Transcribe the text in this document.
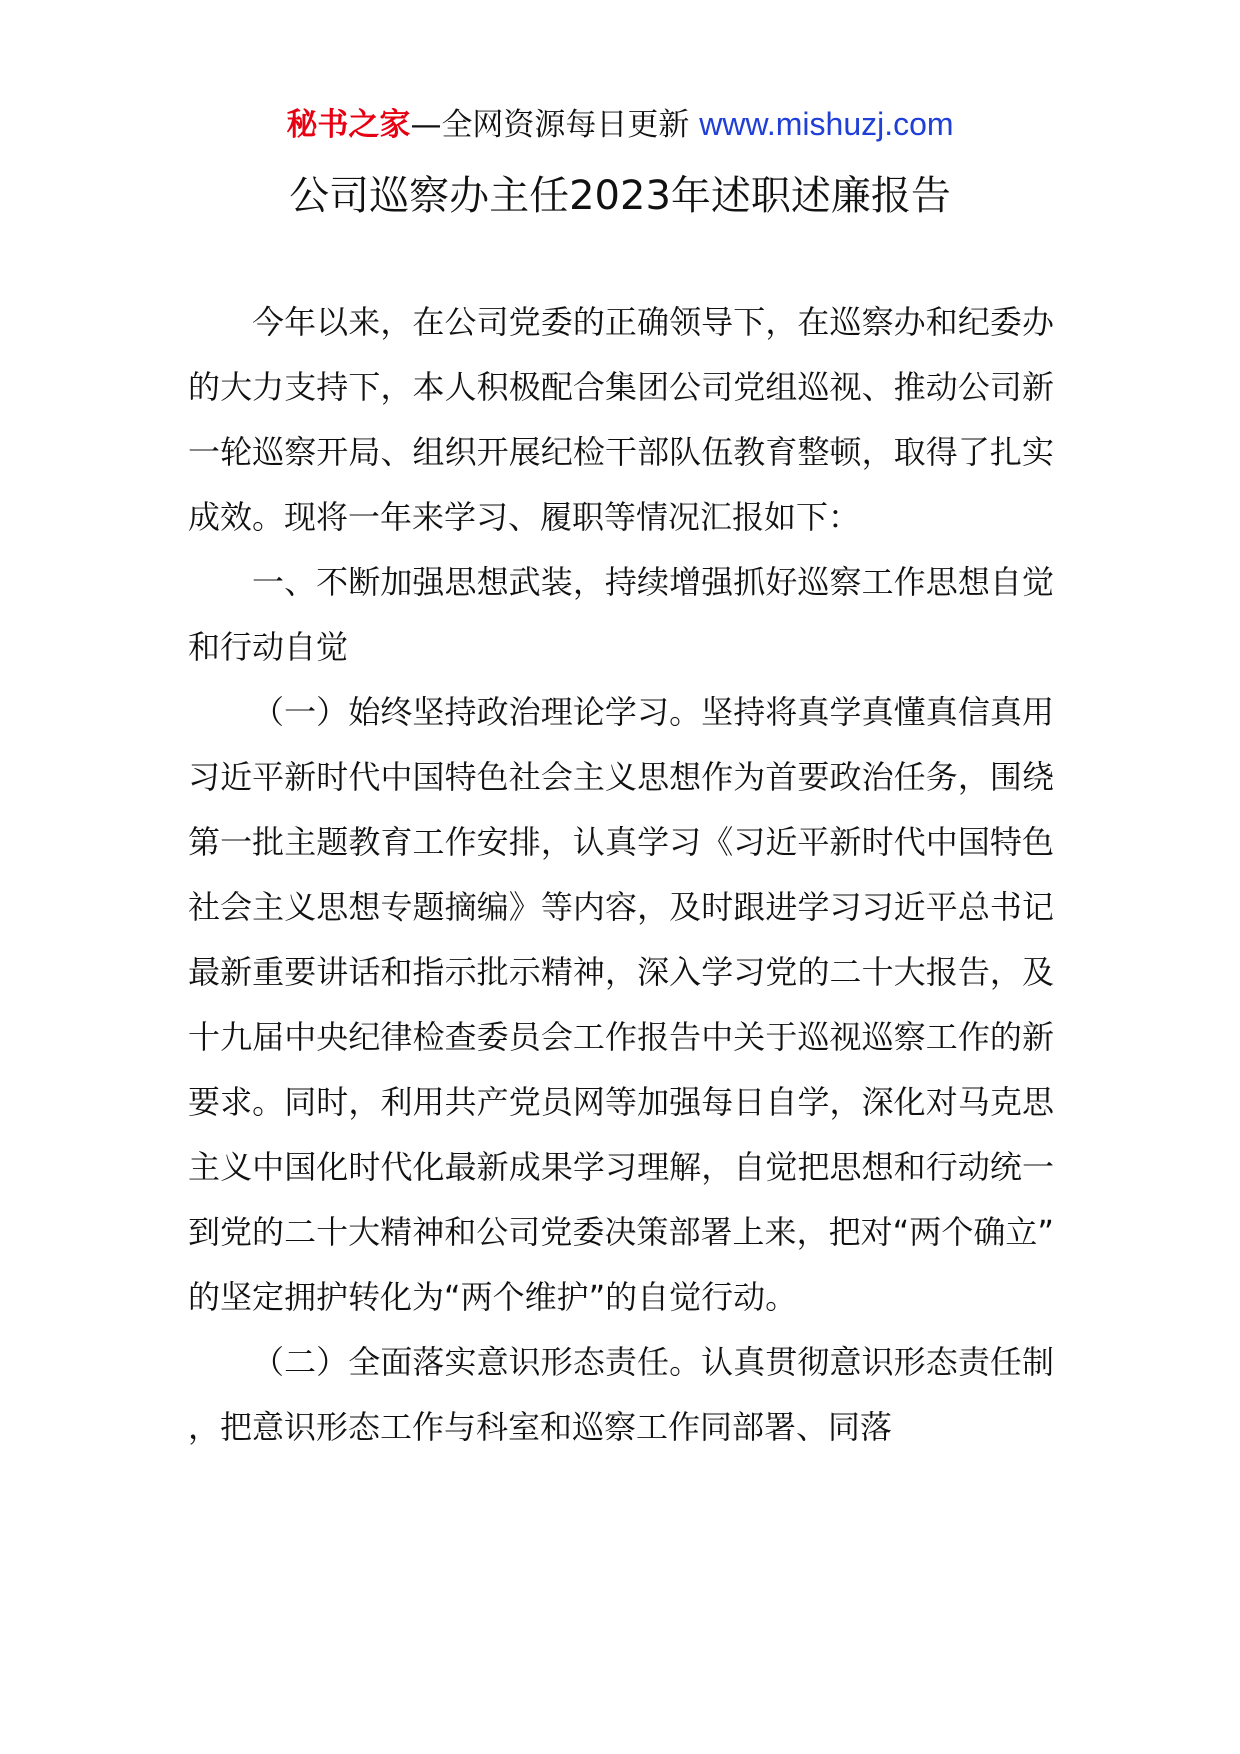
秘书之家—全网资源每日更新 www.mishuzj.com
公司巡察办主任2023年述职述廉报告

今年以来，在公司党委的正确领导下，在巡察办和纪委办的大力支持下，本人积极配合集团公司党组巡视、推动公司新一轮巡察开局、组织开展纪检干部队伍教育整顿，取得了扎实成效。现将一年来学习、履职等情况汇报如下：

一、不断加强思想武装，持续增强抓好巡察工作思想自觉和行动自觉

（一）始终坚持政治理论学习。坚持将真学真懂真信真用习近平新时代中国特色社会主义思想作为首要政治任务，围绕第一批主题教育工作安排，认真学习《习近平新时代中国特色社会主义思想专题摘编》等内容，及时跟进学习习近平总书记最新重要讲话和指示批示精神，深入学习党的二十大报告，及十九届中央纪律检查委员会工作报告中关于巡视巡察工作的新要求。同时，利用共产党员网等加强每日自学，深化对马克思主义中国化时代化最新成果学习理解，自觉把思想和行动统一到党的二十大精神和公司党委决策部署上来，把对“两个确立”的坚定拥护转化为“两个维护”的自觉行动。

（二）全面落实意识形态责任。认真贯彻意识形态责任制，把意识形态工作与科室和巡察工作同部署、同落
